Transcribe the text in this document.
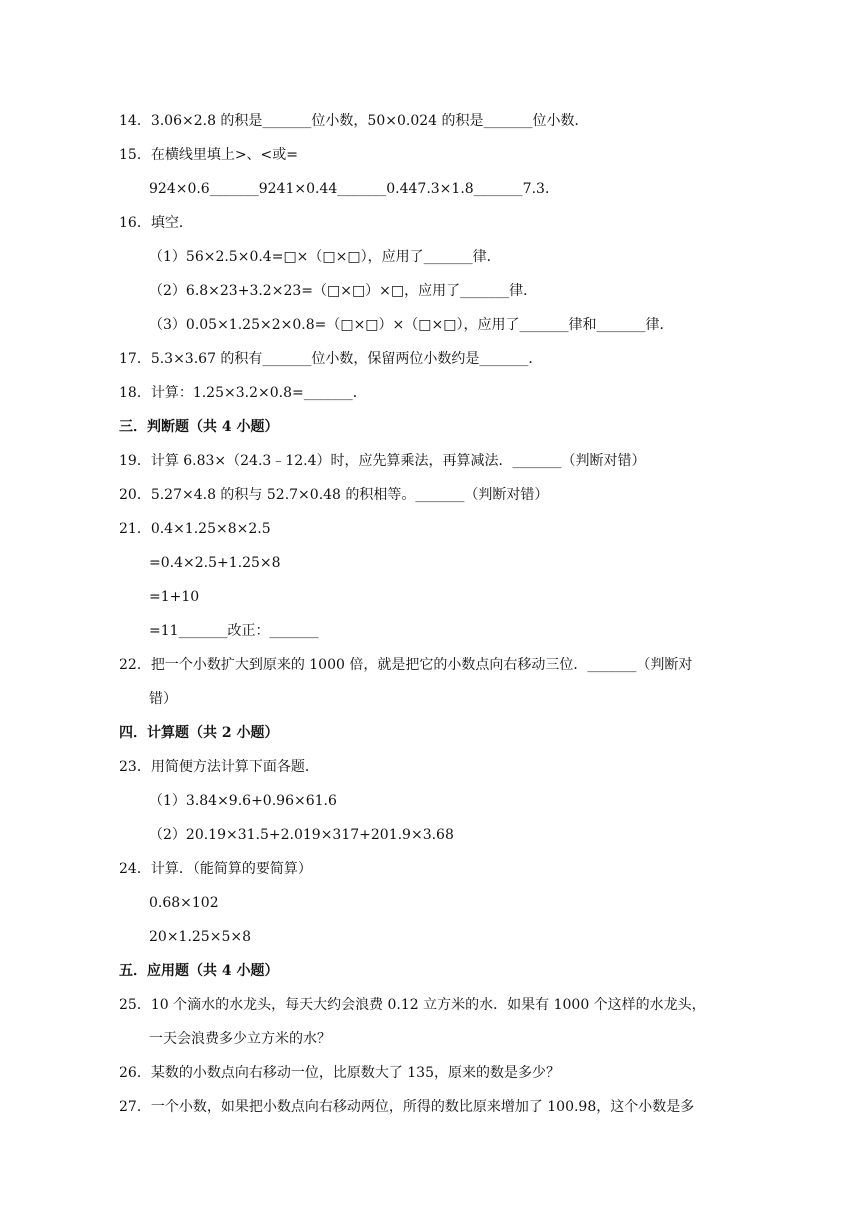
14．3.06×2.8 的积是_______位小数，50×0.024 的积是_______位小数．
15．在横线里填上>、<或=
924×0.6_______9241×0.44_______0.447.3×1.8_______7.3．
16．填空．
（1）56×2.5×0.4=□×（□×□），应用了_______律．
（2）6.8×23+3.2×23=（□×□）×□，应用了_______律．
（3）0.05×1.25×2×0.8=（□×□）×（□×□），应用了_______律和_______律．
17．5.3×3.67 的积有_______位小数，保留两位小数约是_______．
18．计算：1.25×3.2×0.8=_______．
三．判断题（共 4 小题）
19．计算 6.83×（24.3﹣12.4）时，应先算乘法，再算减法．_______（判断对错）
20．5.27×4.8 的积与 52.7×0.48 的积相等。_______（判断对错）
21．0.4×1.25×8×2.5
=0.4×2.5+1.25×8
=1+10
=11_______改正：_______
22．把一个小数扩大到原来的 1000 倍，就是把它的小数点向右移动三位．_______（判断对
错）
四．计算题（共 2 小题）
23．用简便方法计算下面各题．
（1）3.84×9.6+0.96×61.6
（2）20.19×31.5+2.019×317+201.9×3.68
24．计算．（能简算的要简算）
0.68×102
20×1.25×5×8
五．应用题（共 4 小题）
25．10 个滴水的水龙头，每天大约会浪费 0.12 立方米的水．如果有 1000 个这样的水龙头，
一天会浪费多少立方米的水？
26．某数的小数点向右移动一位，比原数大了 135，原来的数是多少？
27．一个小数，如果把小数点向右移动两位，所得的数比原来增加了 100.98，这个小数是多
